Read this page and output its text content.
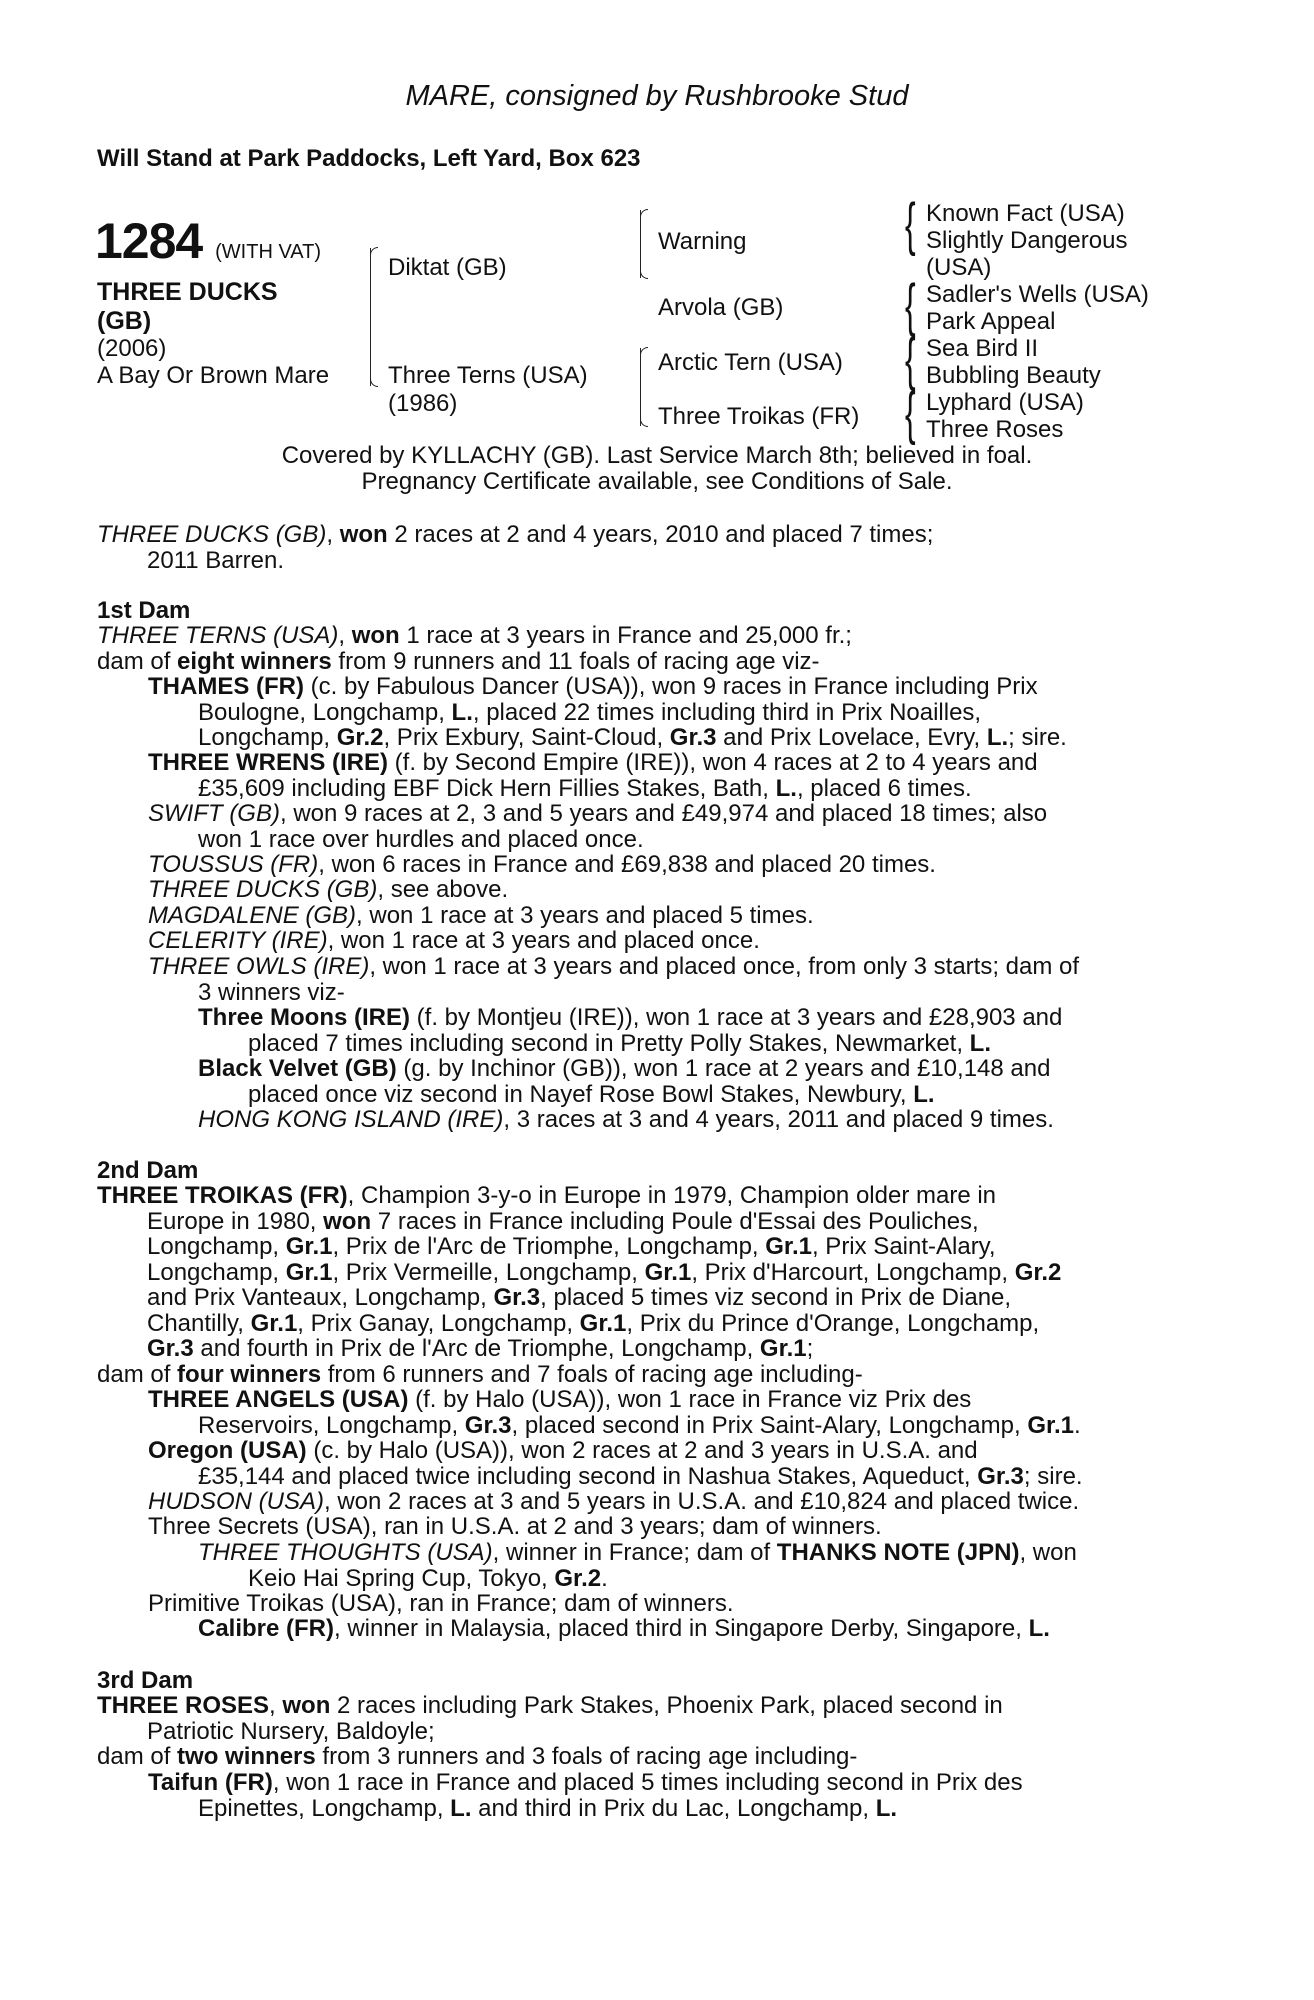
MARE, consigned by Rushbrooke Stud
Will Stand at Park Paddocks, Left Yard, Box 623
1284 (WITH VAT)
THREE DUCKS
(GB)
(2006)
A Bay Or Brown Mare
Diktat (GB)
Three Terns (USA)
(1986)
Warning
Arvola (GB)
Arctic Tern (USA)
Three Troikas (FR)
{ Known Fact (USA)
Slightly Dangerous
(USA)
{ Sadler's Wells (USA)
Park Appeal
{ Sea Bird II
Bubbling Beauty
{ Lyphard (USA)
Three Roses
Covered by KYLLACHY (GB). Last Service March 8th; believed in foal.
Pregnancy Certificate available, see Conditions of Sale.
THREE DUCKS (GB), won 2 races at 2 and 4 years, 2010 and placed 7 times;
2011 Barren.
1st Dam
THREE TERNS (USA), won 1 race at 3 years in France and 25,000 fr.;
dam of eight winners from 9 runners and 11 foals of racing age viz-
THAMES (FR) (c. by Fabulous Dancer (USA)), won 9 races in France including Prix
Boulogne, Longchamp, L., placed 22 times including third in Prix Noailles,
Longchamp, Gr.2, Prix Exbury, Saint-Cloud, Gr.3 and Prix Lovelace, Evry, L.; sire.
THREE WRENS (IRE) (f. by Second Empire (IRE)), won 4 races at 2 to 4 years and
£35,609 including EBF Dick Hern Fillies Stakes, Bath, L., placed 6 times.
SWIFT (GB), won 9 races at 2, 3 and 5 years and £49,974 and placed 18 times; also
won 1 race over hurdles and placed once.
TOUSSUS (FR), won 6 races in France and £69,838 and placed 20 times.
THREE DUCKS (GB), see above.
MAGDALENE (GB), won 1 race at 3 years and placed 5 times.
CELERITY (IRE), won 1 race at 3 years and placed once.
THREE OWLS (IRE), won 1 race at 3 years and placed once, from only 3 starts; dam of
3 winners viz-
Three Moons (IRE) (f. by Montjeu (IRE)), won 1 race at 3 years and £28,903 and
placed 7 times including second in Pretty Polly Stakes, Newmarket, L.
Black Velvet (GB) (g. by Inchinor (GB)), won 1 race at 2 years and £10,148 and
placed once viz second in Nayef Rose Bowl Stakes, Newbury, L.
HONG KONG ISLAND (IRE), 3 races at 3 and 4 years, 2011 and placed 9 times.
2nd Dam
THREE TROIKAS (FR), Champion 3-y-o in Europe in 1979, Champion older mare in
Europe in 1980, won 7 races in France including Poule d'Essai des Pouliches,
Longchamp, Gr.1, Prix de l'Arc de Triomphe, Longchamp, Gr.1, Prix Saint-Alary,
Longchamp, Gr.1, Prix Vermeille, Longchamp, Gr.1, Prix d'Harcourt, Longchamp, Gr.2
and Prix Vanteaux, Longchamp, Gr.3, placed 5 times viz second in Prix de Diane,
Chantilly, Gr.1, Prix Ganay, Longchamp, Gr.1, Prix du Prince d'Orange, Longchamp,
Gr.3 and fourth in Prix de l'Arc de Triomphe, Longchamp, Gr.1;
dam of four winners from 6 runners and 7 foals of racing age including-
THREE ANGELS (USA) (f. by Halo (USA)), won 1 race in France viz Prix des
Reservoirs, Longchamp, Gr.3, placed second in Prix Saint-Alary, Longchamp, Gr.1.
Oregon (USA) (c. by Halo (USA)), won 2 races at 2 and 3 years in U.S.A. and
£35,144 and placed twice including second in Nashua Stakes, Aqueduct, Gr.3; sire.
HUDSON (USA), won 2 races at 3 and 5 years in U.S.A. and £10,824 and placed twice.
Three Secrets (USA), ran in U.S.A. at 2 and 3 years; dam of winners.
THREE THOUGHTS (USA), winner in France; dam of THANKS NOTE (JPN), won
Keio Hai Spring Cup, Tokyo, Gr.2.
Primitive Troikas (USA), ran in France; dam of winners.
Calibre (FR), winner in Malaysia, placed third in Singapore Derby, Singapore, L.
3rd Dam
THREE ROSES, won 2 races including Park Stakes, Phoenix Park, placed second in
Patriotic Nursery, Baldoyle;
dam of two winners from 3 runners and 3 foals of racing age including-
Taifun (FR), won 1 race in France and placed 5 times including second in Prix des
Epinettes, Longchamp, L. and third in Prix du Lac, Longchamp, L.
